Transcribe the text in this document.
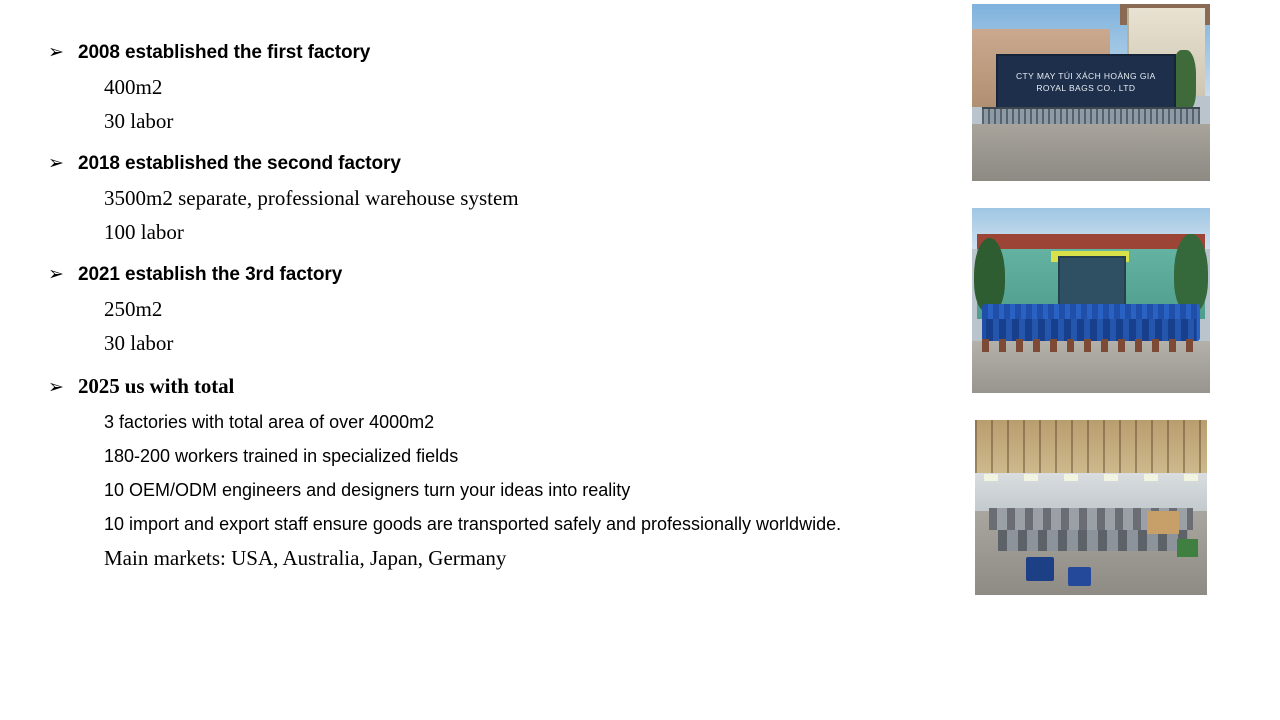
➢ 2008 established the first factory
400m2
30 labor
➢ 2018 established the second factory
3500m2 separate, professional warehouse system
100 labor
➢ 2021 establish the 3rd factory
250m2
30 labor
➢ 2025 us with total
3 factories with total area of over 4000m2
180-200 workers trained in specialized fields
10 OEM/ODM engineers and designers turn your ideas into reality
10 import and export staff ensure goods are transported safely and professionally worldwide.
Main markets: USA, Australia, Japan, Germany
CTY MAY TÚI XÁCH HOÀNG GIA
ROYAL BAGS CO., LTD
